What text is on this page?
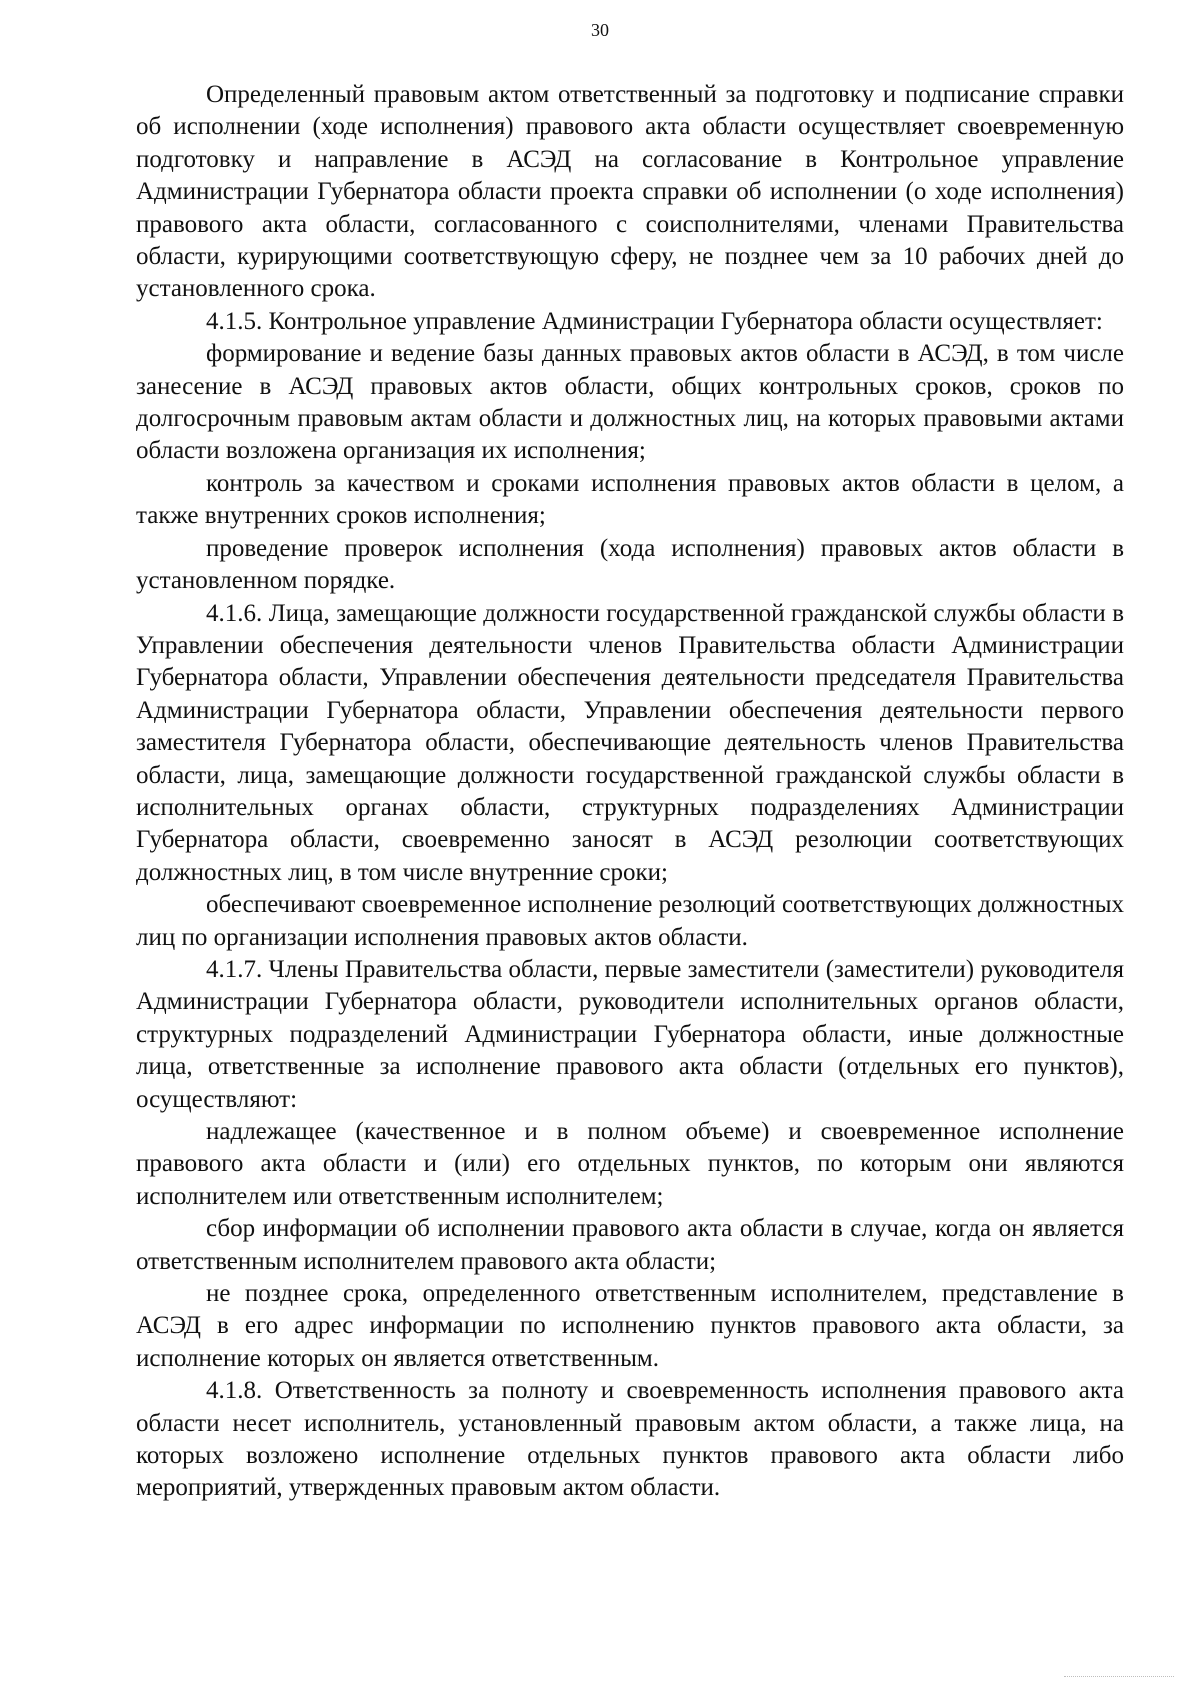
30

Определенный правовым актом ответственный за подготовку и подписание справки об исполнении (ходе исполнения) правового акта области осуществляет своевременную подготовку и направление в АСЭД на согласование в Контрольное управление Администрации Губернатора области проекта справки об исполнении (о ходе исполнения) правового акта области, согласованного с соисполнителями, членами Правительства области, курирующими соответствующую сферу, не позднее чем за 10 рабочих дней до установленного срока.

4.1.5. Контрольное управление Администрации Губернатора области осуществляет:

формирование и ведение базы данных правовых актов области в АСЭД, в том числе занесение в АСЭД правовых актов области, общих контрольных сроков, сроков по долгосрочным правовым актам области и должностных лиц, на которых правовыми актами области возложена организация их исполнения;

контроль за качеством и сроками исполнения правовых актов области в целом, а также внутренних сроков исполнения;

проведение проверок исполнения (хода исполнения) правовых актов области в установленном порядке.

4.1.6. Лица, замещающие должности государственной гражданской службы области в Управлении обеспечения деятельности членов Правительства области Администрации Губернатора области, Управлении обеспечения деятельности председателя Правительства Администрации Губернатора области, Управлении обеспечения деятельности первого заместителя Губернатора области, обеспечивающие деятельность членов Правительства области, лица, замещающие должности государственной гражданской службы области в исполнительных органах области, структурных подразделениях Администрации Губернатора области, своевременно заносят в АСЭД резолюции соответствующих должностных лиц, в том числе внутренние сроки;

обеспечивают своевременное исполнение резолюций соответствующих должностных лиц по организации исполнения правовых актов области.

4.1.7. Члены Правительства области, первые заместители (заместители) руководителя Администрации Губернатора области, руководители исполнительных органов области, структурных подразделений Администрации Губернатора области, иные должностные лица, ответственные за исполнение правового акта области (отдельных его пунктов), осуществляют:

надлежащее (качественное и в полном объеме) и своевременное исполнение правового акта области и (или) его отдельных пунктов, по которым они являются исполнителем или ответственным исполнителем;

сбор информации об исполнении правового акта области в случае, когда он является ответственным исполнителем правового акта области;

не позднее срока, определенного ответственным исполнителем, представление в АСЭД в его адрес информации по исполнению пунктов правового акта области, за исполнение которых он является ответственным.

4.1.8. Ответственность за полноту и своевременность исполнения правового акта области несет исполнитель, установленный правовым актом области, а также лица, на которых возложено исполнение отдельных пунктов правового акта области либо мероприятий, утвержденных правовым актом области.
